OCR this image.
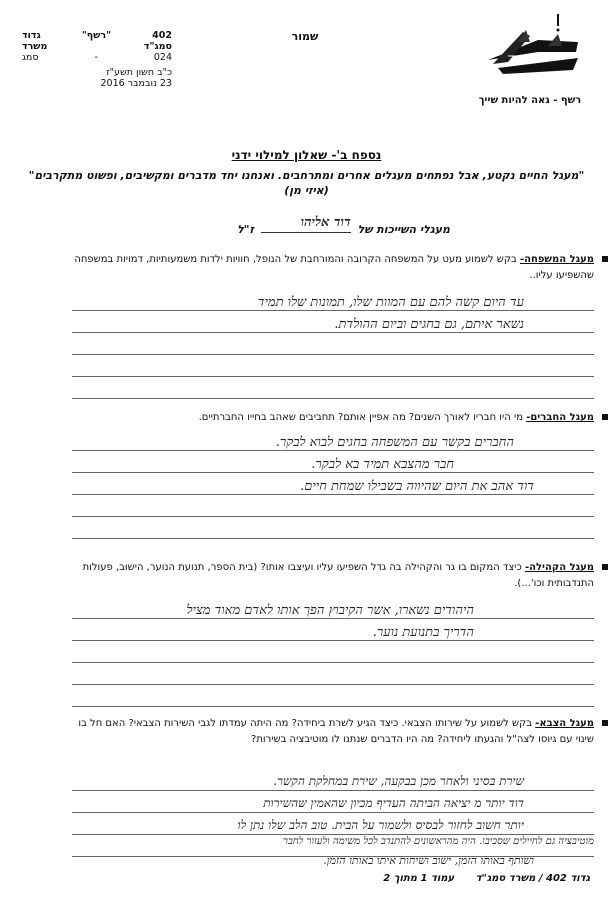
402
"רשף"
גדוד
סמג"ד
משרד
024
-
סמג
כ"ב חשון תשע"ז
23 נובמבר 2016
שמור
רשף - גאה להיות שייך
נספח ב'- שאלון למילוי ידני
"מעגל החיים נקטע, אבל נפתחים מעגלים אחרים ומתרחבים. ואנחנו יחד מדברים ומקשיבים, ופשוט מתקרבים" (איזי מן)
מעגלי השייכות של
דוד אליהו
ז"ל
מעגל המשפחה- בקש לשמוע מעט על המשפחה הקרובה והמורחבת של הנופל, חוויות ילדות משמעותיות, דמויות במשפחה שהשפיעו עליו..
עד היום קשה להם עם המוות שלו, תמונות שלו תמיד
נשאר איתם, גם בחגים וביום ההולדת.
מעגל החברים- מי היו חבריו לאורך השנים? מה אפיין אותם? תחביבים שאהב בחייו החברתיים.
החברים בקשר עם המשפחה בחגים לבוא לבקר.
חבר מהצבא תמיד בא לבקר.
דוד אהב את היום שהיווה בשבילו שמחת חיים.
מעגל הקהילה- כיצד המקום בו גר והקהילה בה גדל השפיעו עליו ועיצבו אותו? (בית הספר, תנועת הנוער, הישוב, פעולות התנדבותית וכו'...).
היהודים נשארו, אשר הקיבוץ הפך אותו לאדם מאוד מציל
הדריך בתנועת נוער.
מעגל הצבא- בקש לשמוע על שירותו הצבאי. כיצד הגיע לשרת ביחידה? מה היתה עמדתו לגבי השירות הצבאי? האם חל בו שינוי עם גיוסו לצה"ל והגעתו ליחידה? מה היו הדברים שנתנו לו מוטיבציה בשירות?
שירת בסיני ולאחר מכן בבקעה, שירת במחלקת הקשר.
דוד יותר מ יציאה הביתה העדיף מכיון שהאמין שהשירות
יותר חשוב לחזור לבסיס ולשמור על הבית. טוב הלב שלו נתן לו
מוטיבציה גם לחיילים שסביבו. היה מהראשונים להתנדב לכל משימה ולעזור לחבר
ושותף באותו הזמן, ישוב ושיחות איתו באותו הזמן.
גדוד 402 / משרד סמג"ד עמוד 1 מתוך 2
